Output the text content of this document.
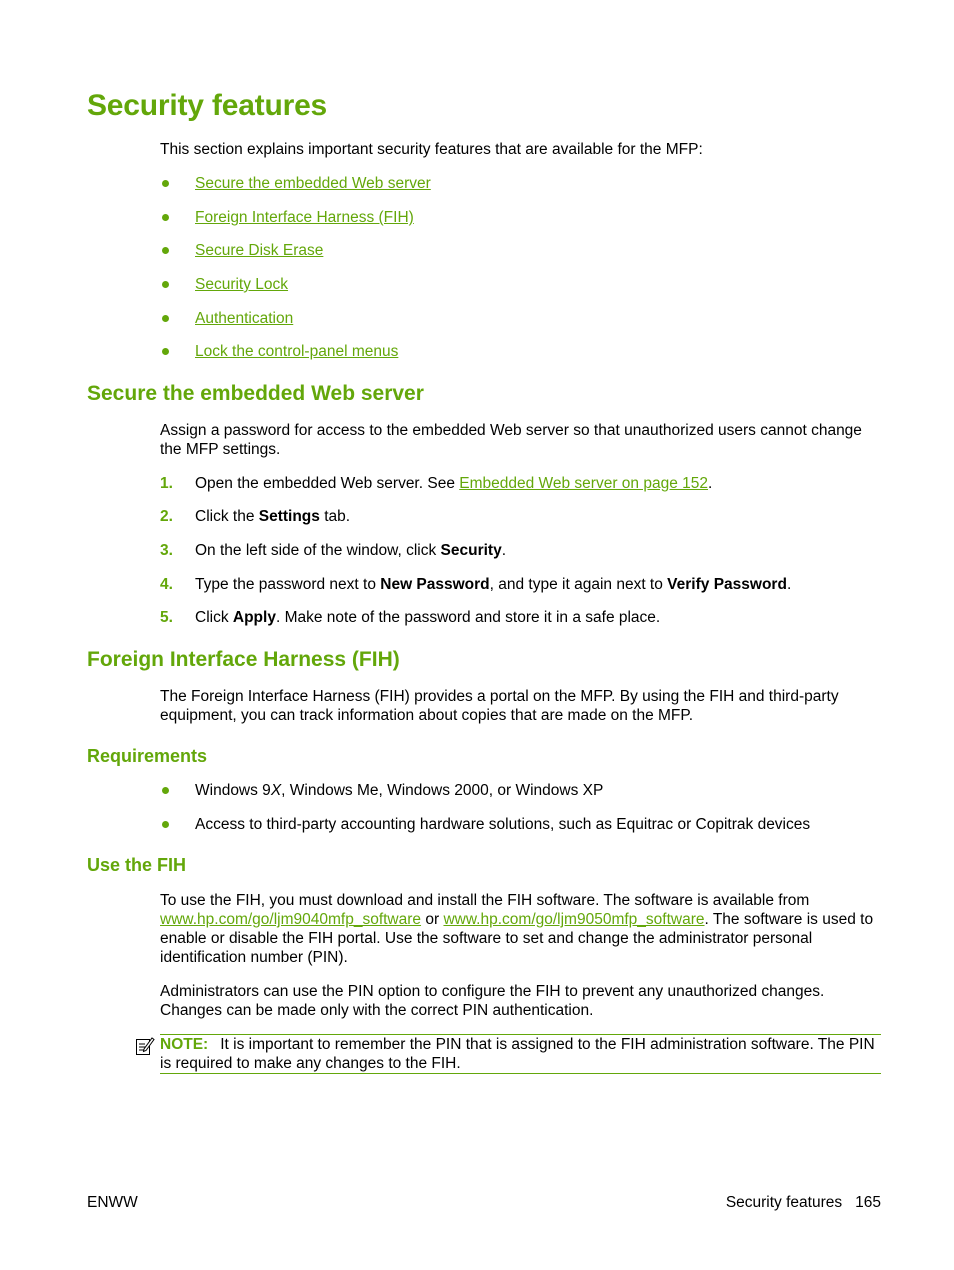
Security features

This section explains important security features that are available for the MFP:

Secure the embedded Web server
Foreign Interface Harness (FIH)
Secure Disk Erase
Security Lock
Authentication
Lock the control-panel menus
Secure the embedded Web server

Assign a password for access to the embedded Web server so that unauthorized users cannot change the MFP settings.

1. Open the embedded Web server. See Embedded Web server on page 152.
2. Click the Settings tab.
3. On the left side of the window, click Security.
4. Type the password next to New Password, and type it again next to Verify Password.
5. Click Apply. Make note of the password and store it in a safe place.
Foreign Interface Harness (FIH)

The Foreign Interface Harness (FIH) provides a portal on the MFP. By using the FIH and third-party equipment, you can track information about copies that are made on the MFP.

Requirements
Windows 9X, Windows Me, Windows 2000, or Windows XP
Access to third-party accounting hardware solutions, such as Equitrac or Copitrak devices
Use the FIH

To use the FIH, you must download and install the FIH software. The software is available from www.hp.com/go/ljm9040mfp_software or www.hp.com/go/ljm9050mfp_software. The software is used to enable or disable the FIH portal. Use the software to set and change the administrator personal identification number (PIN).

Administrators can use the PIN option to configure the FIH to prevent any unauthorized changes. Changes can be made only with the correct PIN authentication.

NOTE: It is important to remember the PIN that is assigned to the FIH administration software. The PIN is required to make any changes to the FIH.
ENWW	Security features 165
